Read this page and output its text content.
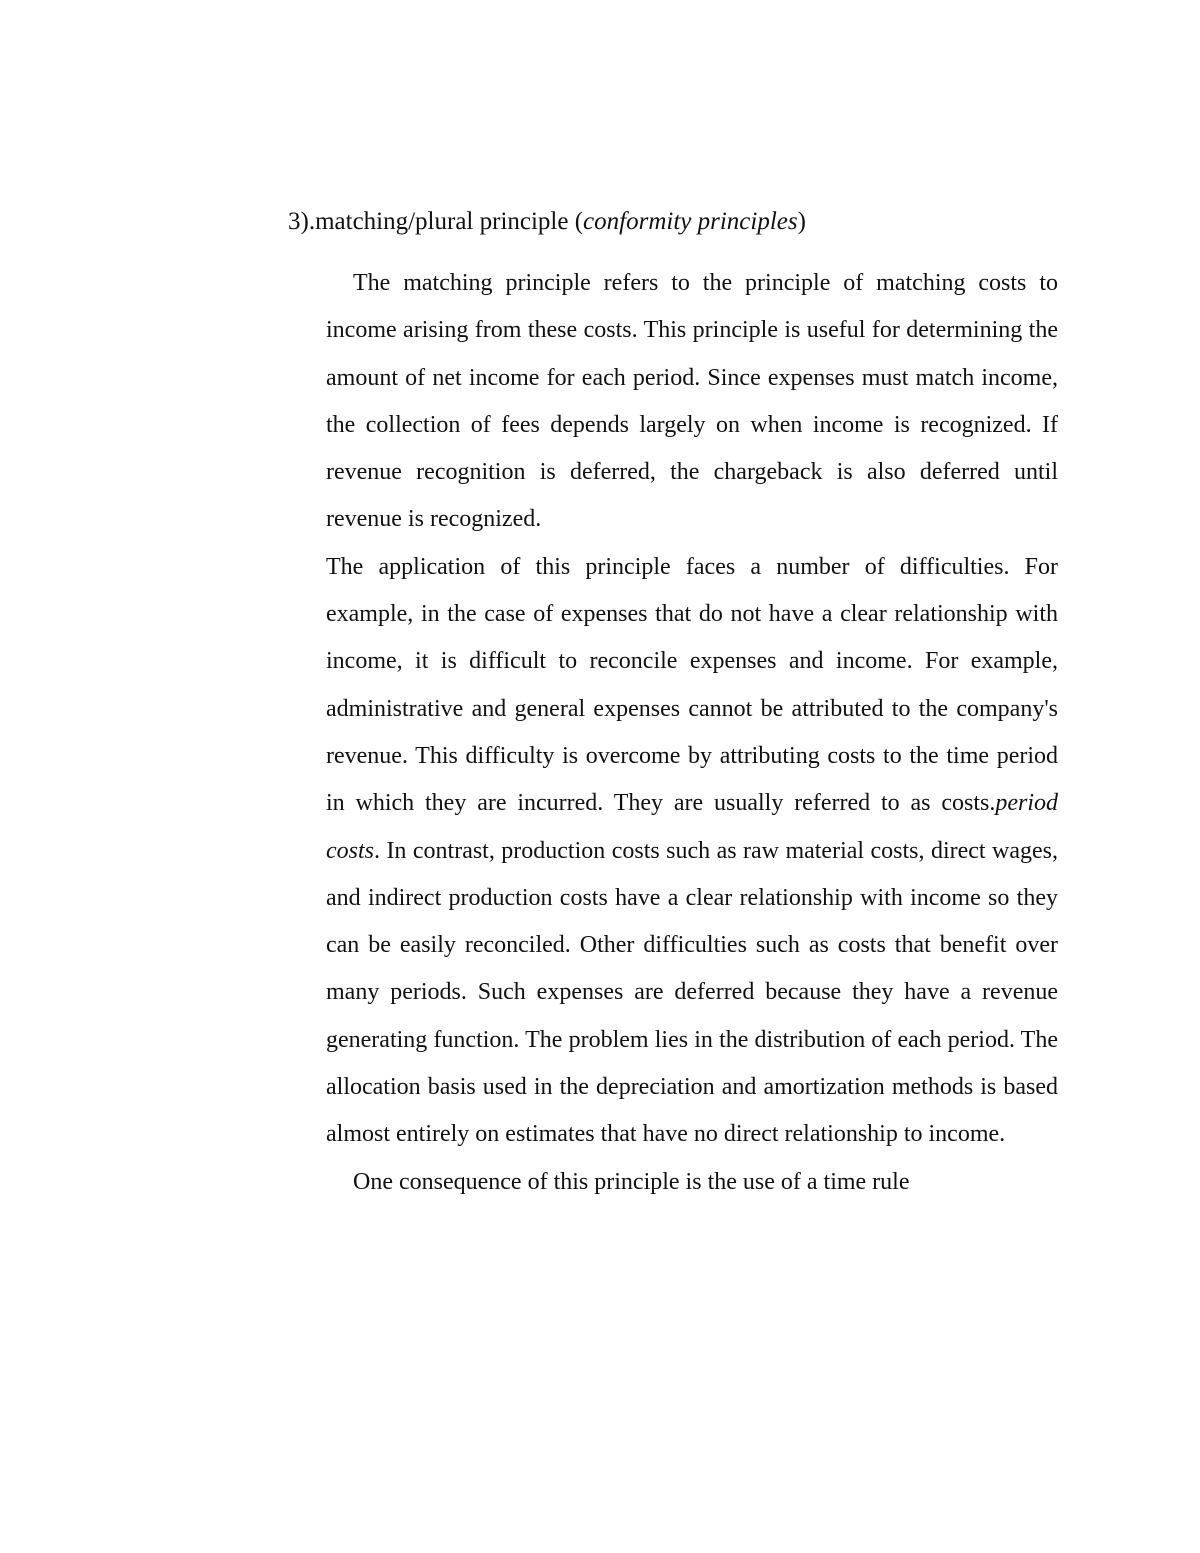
3).matching/plural principle (conformity principles)

The matching principle refers to the principle of matching costs to income arising from these costs. This principle is useful for determining the amount of net income for each period. Since expenses must match income, the collection of fees depends largely on when income is recognized. If revenue recognition is deferred, the chargeback is also deferred until revenue is recognized.

The application of this principle faces a number of difficulties. For example, in the case of expenses that do not have a clear relationship with income, it is difficult to reconcile expenses and income. For example, administrative and general expenses cannot be attributed to the company's revenue. This difficulty is overcome by attributing costs to the time period in which they are incurred. They are usually referred to as costs.period costs. In contrast, production costs such as raw material costs, direct wages, and indirect production costs have a clear relationship with income so they can be easily reconciled. Other difficulties such as costs that benefit over many periods. Such expenses are deferred because they have a revenue generating function. The problem lies in the distribution of each period. The allocation basis used in the depreciation and amortization methods is based almost entirely on estimates that have no direct relationship to income.

One consequence of this principle is the use of a time rule
